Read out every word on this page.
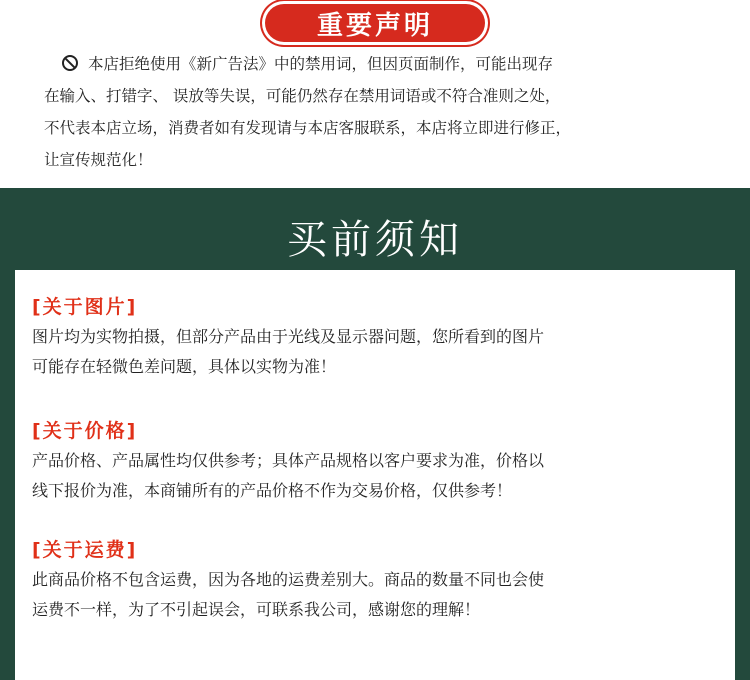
重要声明
本店拒绝使用《新广告法》中的禁用词，但因页面制作，可能出现存
在输入、打错字、 误放等失误，可能仍然存在禁用词语或不符合准则之处，
不代表本店立场，消费者如有发现请与本店客服联系，本店将立即进行修正，
让宣传规范化！
买前须知
[关于图片]
图片均为实物拍摄，但部分产品由于光线及显示器问题，您所看到的图片
可能存在轻微色差问题，具体以实物为准！
[关于价格]
产品价格、产品属性均仅供参考；具体产品规格以客户要求为准，价格以
线下报价为准，本商铺所有的产品价格不作为交易价格，仅供参考！
[关于运费]
此商品价格不包含运费，因为各地的运费差别大。商品的数量不同也会使
运费不一样，为了不引起误会，可联系我公司，感谢您的理解！
